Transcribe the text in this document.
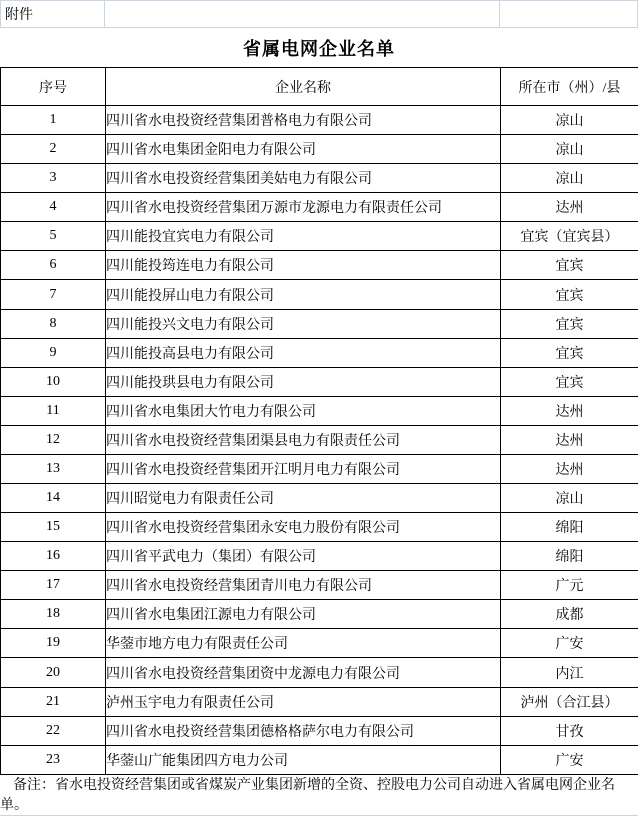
附件
省属电网企业名单
序号	企业名称	所在市（州）/县
1	四川省水电投资经营集团普格电力有限公司	凉山
2	四川省水电集团金阳电力有限公司	凉山
3	四川省水电投资经营集团美姑电力有限公司	凉山
4	四川省水电投资经营集团万源市龙源电力有限责任公司	达州
5	四川能投宜宾电力有限公司	宜宾（宜宾县）
6	四川能投筠连电力有限公司	宜宾
7	四川能投屏山电力有限公司	宜宾
8	四川能投兴文电力有限公司	宜宾
9	四川能投高县电力有限公司	宜宾
10	四川能投珙县电力有限公司	宜宾
11	四川省水电集团大竹电力有限公司	达州
12	四川省水电投资经营集团渠县电力有限责任公司	达州
13	四川省水电投资经营集团开江明月电力有限公司	达州
14	四川昭觉电力有限责任公司	凉山
15	四川省水电投资经营集团永安电力股份有限公司	绵阳
16	四川省平武电力（集团）有限公司	绵阳
17	四川省水电投资经营集团青川电力有限公司	广元
18	四川省水电集团江源电力有限公司	成都
19	华蓥市地方电力有限责任公司	广安
20	四川省水电投资经营集团资中龙源电力有限公司	内江
21	泸州玉宇电力有限责任公司	泸州（合江县）
22	四川省水电投资经营集团德格格萨尔电力有限公司	甘孜
23	华蓥山广能集团四方电力公司	广安
备注：省水电投资经营集团或省煤炭产业集团新增的全资、控股电力公司自动进入省属电网企业名单。
